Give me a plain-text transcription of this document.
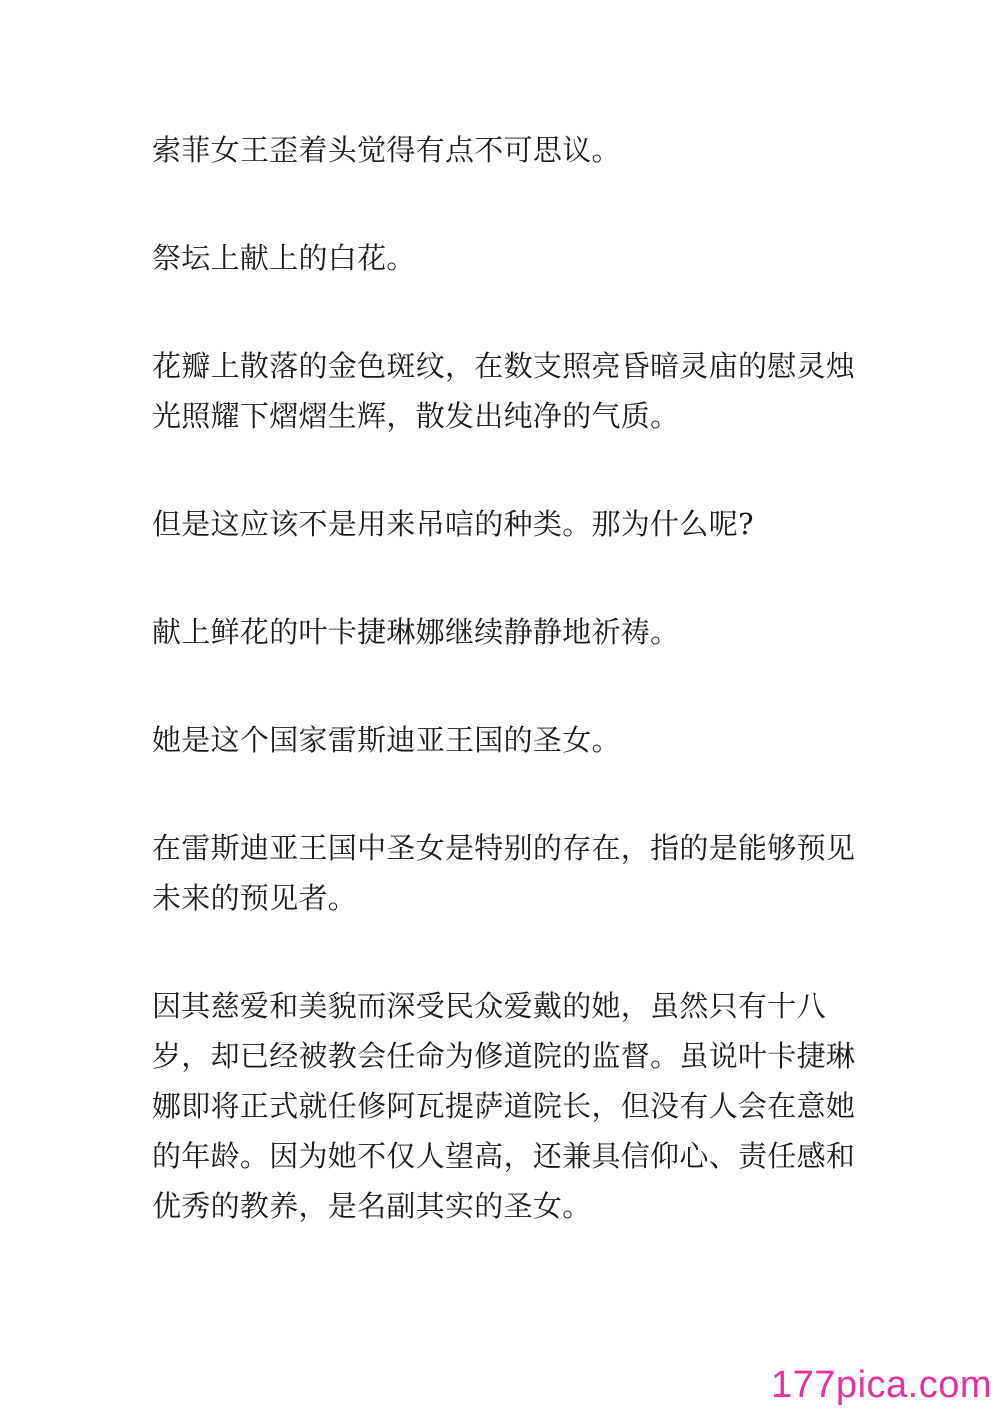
索菲女王歪着头觉得有点不可思议。

祭坛上献上的白花。

花瓣上散落的金色斑纹，在数支照亮昏暗灵庙的慰灵烛光照耀下熠熠生辉，散发出纯净的气质。

但是这应该不是用来吊唁的种类。那为什么呢?

献上鲜花的叶卡捷琳娜继续静静地祈祷。

她是这个国家雷斯迪亚王国的圣女。

在雷斯迪亚王国中圣女是特别的存在，指的是能够预见未来的预见者。

因其慈爱和美貌而深受民众爱戴的她，虽然只有十八岁，却已经被教会任命为修道院的监督。虽说叶卡捷琳娜即将正式就任修阿瓦提萨道院长，但没有人会在意她的年龄。因为她不仅人望高，还兼具信仰心、责任感和优秀的教养，是名副其实的圣女。

177pica.com
